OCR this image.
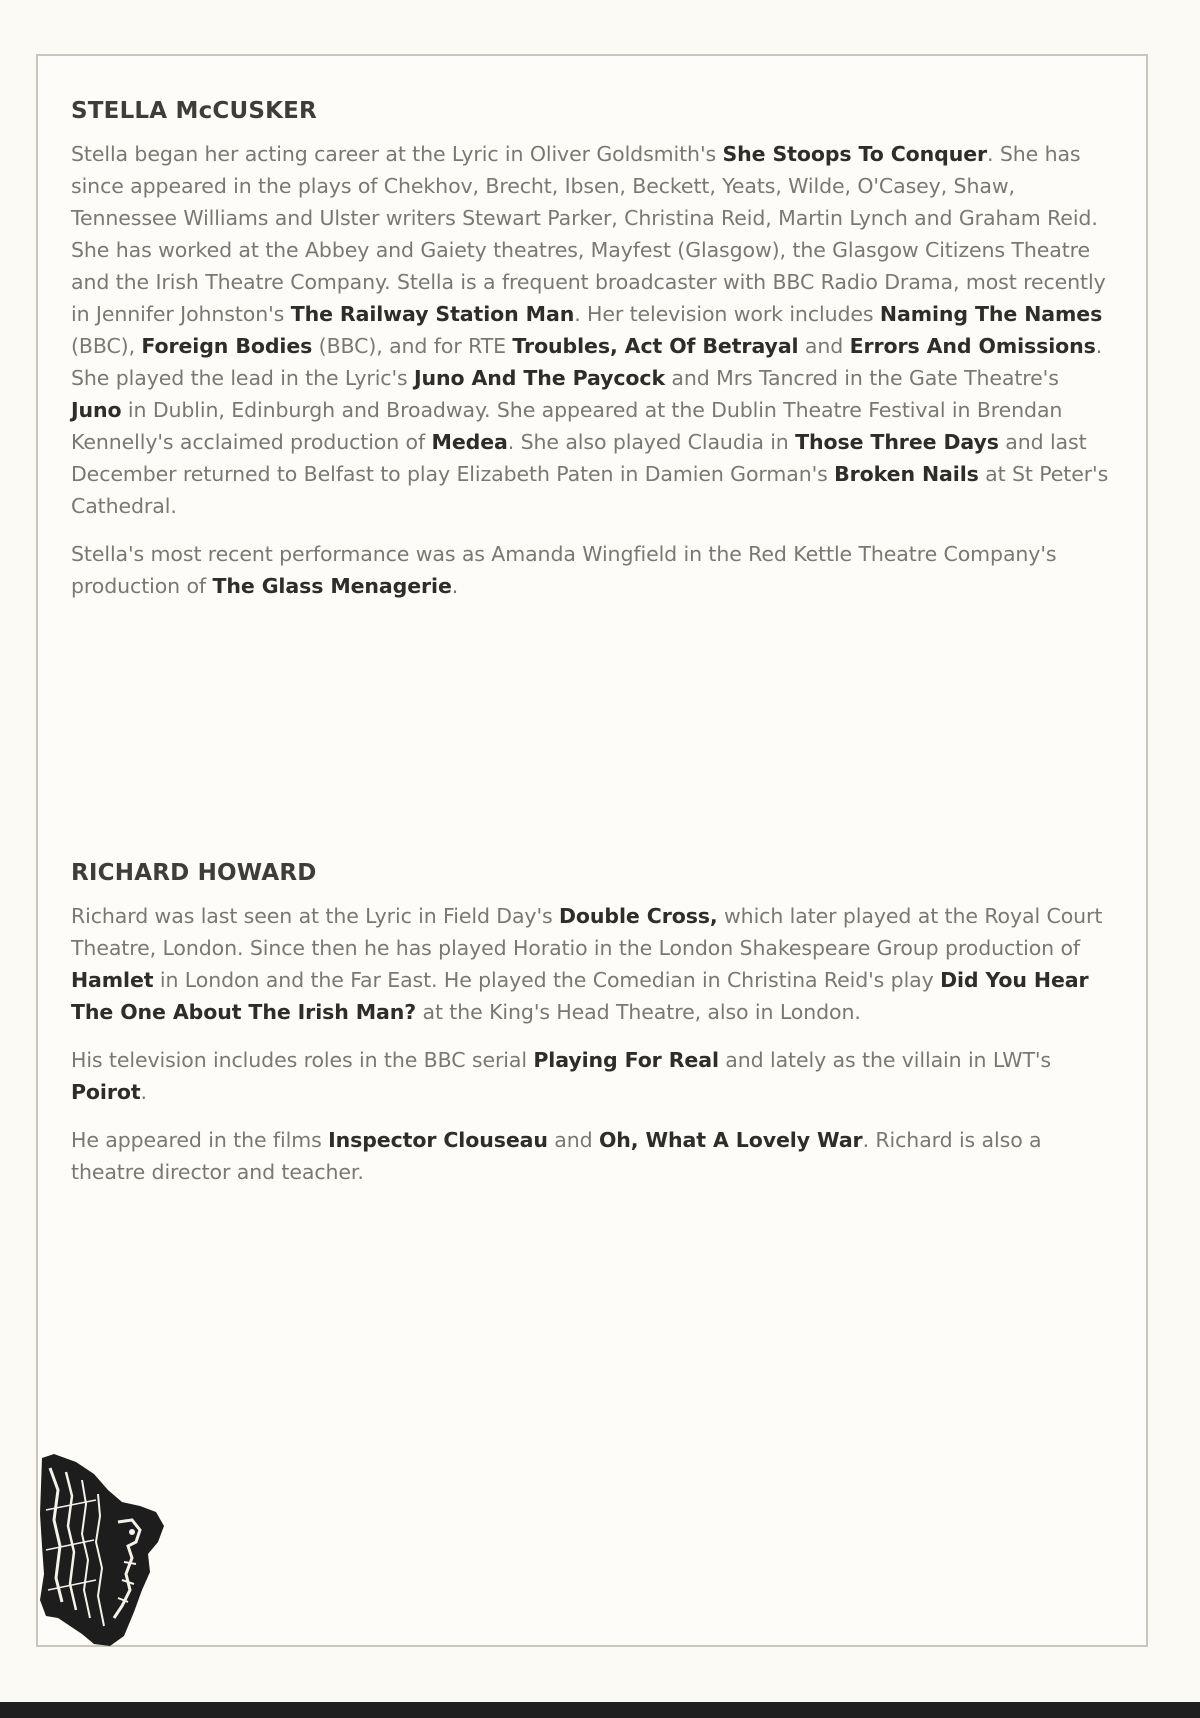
STELLA McCUSKER

Stella began her acting career at the Lyric in Oliver Goldsmith's She Stoops To Conquer. She has since appeared in the plays of Chekhov, Brecht, Ibsen, Beckett, Yeats, Wilde, O'Casey, Shaw, Tennessee Williams and Ulster writers Stewart Parker, Christina Reid, Martin Lynch and Graham Reid. She has worked at the Abbey and Gaiety theatres, Mayfest (Glasgow), the Glasgow Citizens Theatre and the Irish Theatre Company. Stella is a frequent broadcaster with BBC Radio Drama, most recently in Jennifer Johnston's The Railway Station Man. Her television work includes Naming The Names (BBC), Foreign Bodies (BBC), and for RTE Troubles, Act Of Betrayal and Errors And Omissions. She played the lead in the Lyric's Juno And The Paycock and Mrs Tancred in the Gate Theatre's Juno in Dublin, Edinburgh and Broadway. She appeared at the Dublin Theatre Festival in Brendan Kennelly's acclaimed production of Medea. She also played Claudia in Those Three Days and last December returned to Belfast to play Elizabeth Paten in Damien Gorman's Broken Nails at St Peter's Cathedral.

Stella's most recent performance was as Amanda Wingfield in the Red Kettle Theatre Company's production of The Glass Menagerie.

RICHARD HOWARD

Richard was last seen at the Lyric in Field Day's Double Cross, which later played at the Royal Court Theatre, London. Since then he has played Horatio in the London Shakespeare Group production of Hamlet in London and the Far East. He played the Comedian in Christina Reid's play Did You Hear The One About The Irish Man? at the King's Head Theatre, also in London.

His television includes roles in the BBC serial Playing For Real and lately as the villain in LWT's Poirot.

He appeared in the films Inspector Clouseau and Oh, What A Lovely War. Richard is also a theatre director and teacher.
